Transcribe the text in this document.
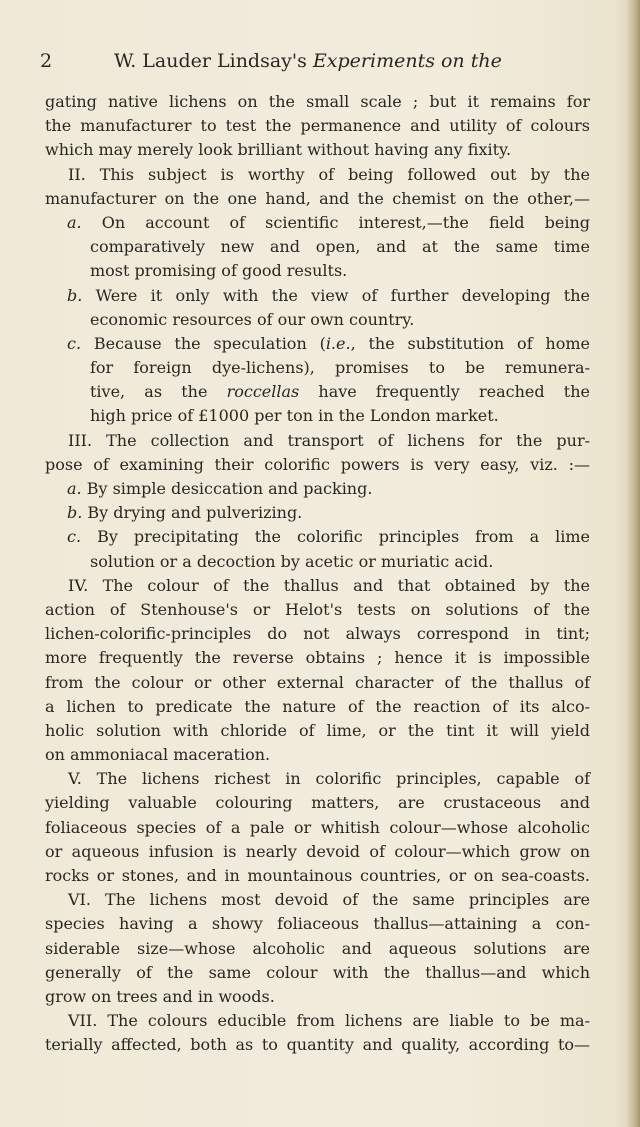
2	W. Lauder Lindsay's Experiments on the
gating native lichens on the small scale ; but it remains for
the manufacturer to test the permanence and utility of colours
which may merely look brilliant without having any fixity.
II. This subject is worthy of being followed out by the
manufacturer on the one hand, and the chemist on the other,—
a. On account of scientific interest,—the field being
comparatively new and open, and at the same time
most promising of good results.
b. Were it only with the view of further developing the
economic resources of our own country.
c. Because the speculation (i.e., the substitution of home
for foreign dye-lichens), promises to be remunera-
tive, as the roccellas have frequently reached the
high price of £1000 per ton in the London market.
III. The collection and transport of lichens for the pur-
pose of examining their colorific powers is very easy, viz. :—
a. By simple desiccation and packing.
b. By drying and pulverizing.
c. By precipitating the colorific principles from a lime
solution or a decoction by acetic or muriatic acid.
IV. The colour of the thallus and that obtained by the
action of Stenhouse's or Helot's tests on solutions of the
lichen-colorific-principles do not always correspond in tint;
more frequently the reverse obtains ; hence it is impossible
from the colour or other external character of the thallus of
a lichen to predicate the nature of the reaction of its alco-
holic solution with chloride of lime, or the tint it will yield
on ammoniacal maceration.
V. The lichens richest in colorific principles, capable of
yielding valuable colouring matters, are crustaceous and
foliaceous species of a pale or whitish colour—whose alcoholic
or aqueous infusion is nearly devoid of colour—which grow on
rocks or stones, and in mountainous countries, or on sea-coasts.
VI. The lichens most devoid of the same principles are
species having a showy foliaceous thallus—attaining a con-
siderable size—whose alcoholic and aqueous solutions are
generally of the same colour with the thallus—and which
grow on trees and in woods.
VII. The colours educible from lichens are liable to be ma-
terially affected, both as to quantity and quality, according to—
